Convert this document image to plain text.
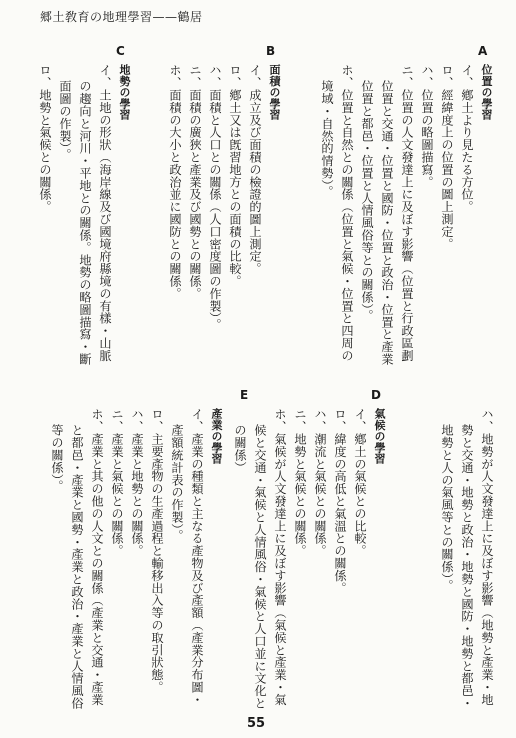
郷土敎育の地理學習——鶴居
A
B
C
D
E
位置の學習
イ、鄕土より見たる方位。
ロ、經緯度上の位置の圖上測定。
ハ、位置の略圖描寫。
ニ、位置の人文發達上に及ぼす影響（位置と行政區劃
位置と交通・位置と國防・位置と政治・位置と產業
位置と都邑・位置と人情風俗等との關係）。
ホ、位置と自然との關係（位置と氣候・位置と四周の
境域・自然的情勢）。
面積の學習
イ、成立及び面積の檢證的圖上測定。
ロ、鄕土又は旣習地方との面積の比較。
ハ、面積と人口との關係（人口密度圖の作製）。
ニ、面積の廣狹と產業及び國勢との關係。
ホ、面積の大小と政治並に國防との關係。
地勢の學習
イ、土地の形狀（海岸線及び國境府縣境の有樣・山脈
の趨向と河川・平地との關係。地勢の略圖描寫・斷
面圖の作製）。
ロ、地勢と氣候との關係。
ハ、地勢が人文發達上に及ぼす影響（地勢と產業・地
勢と交通・地勢と政治・地勢と國防・地勢と都邑・
地勢と人の氣風等との關係）。
氣候の學習
イ、鄕土の氣候との比較。
ロ、緯度の高低と氣溫との關係。
ハ、潮流と氣候との關係。
ニ、地勢と氣候との關係。
ホ、氣候が人文發達上に及ぼす影響（氣候と產業・氣
候と交通・氣候と人情風俗・氣候と人口並に文化と
の關係）
產業の學習
イ、產業の種類と主なる產物及び產額（產業分布圖・
產額統計表の作製）。
ロ、主要產物の生產過程と輸移出入等の取引狀態。
ハ、產業と地勢との關係。
ニ、產業と氣候との關係。
ホ、產業と其の他の人文との關係（產業と交通・產業
と都邑・產業と國勢・產業と政治・產業と人情風俗
等の關係）。
55
